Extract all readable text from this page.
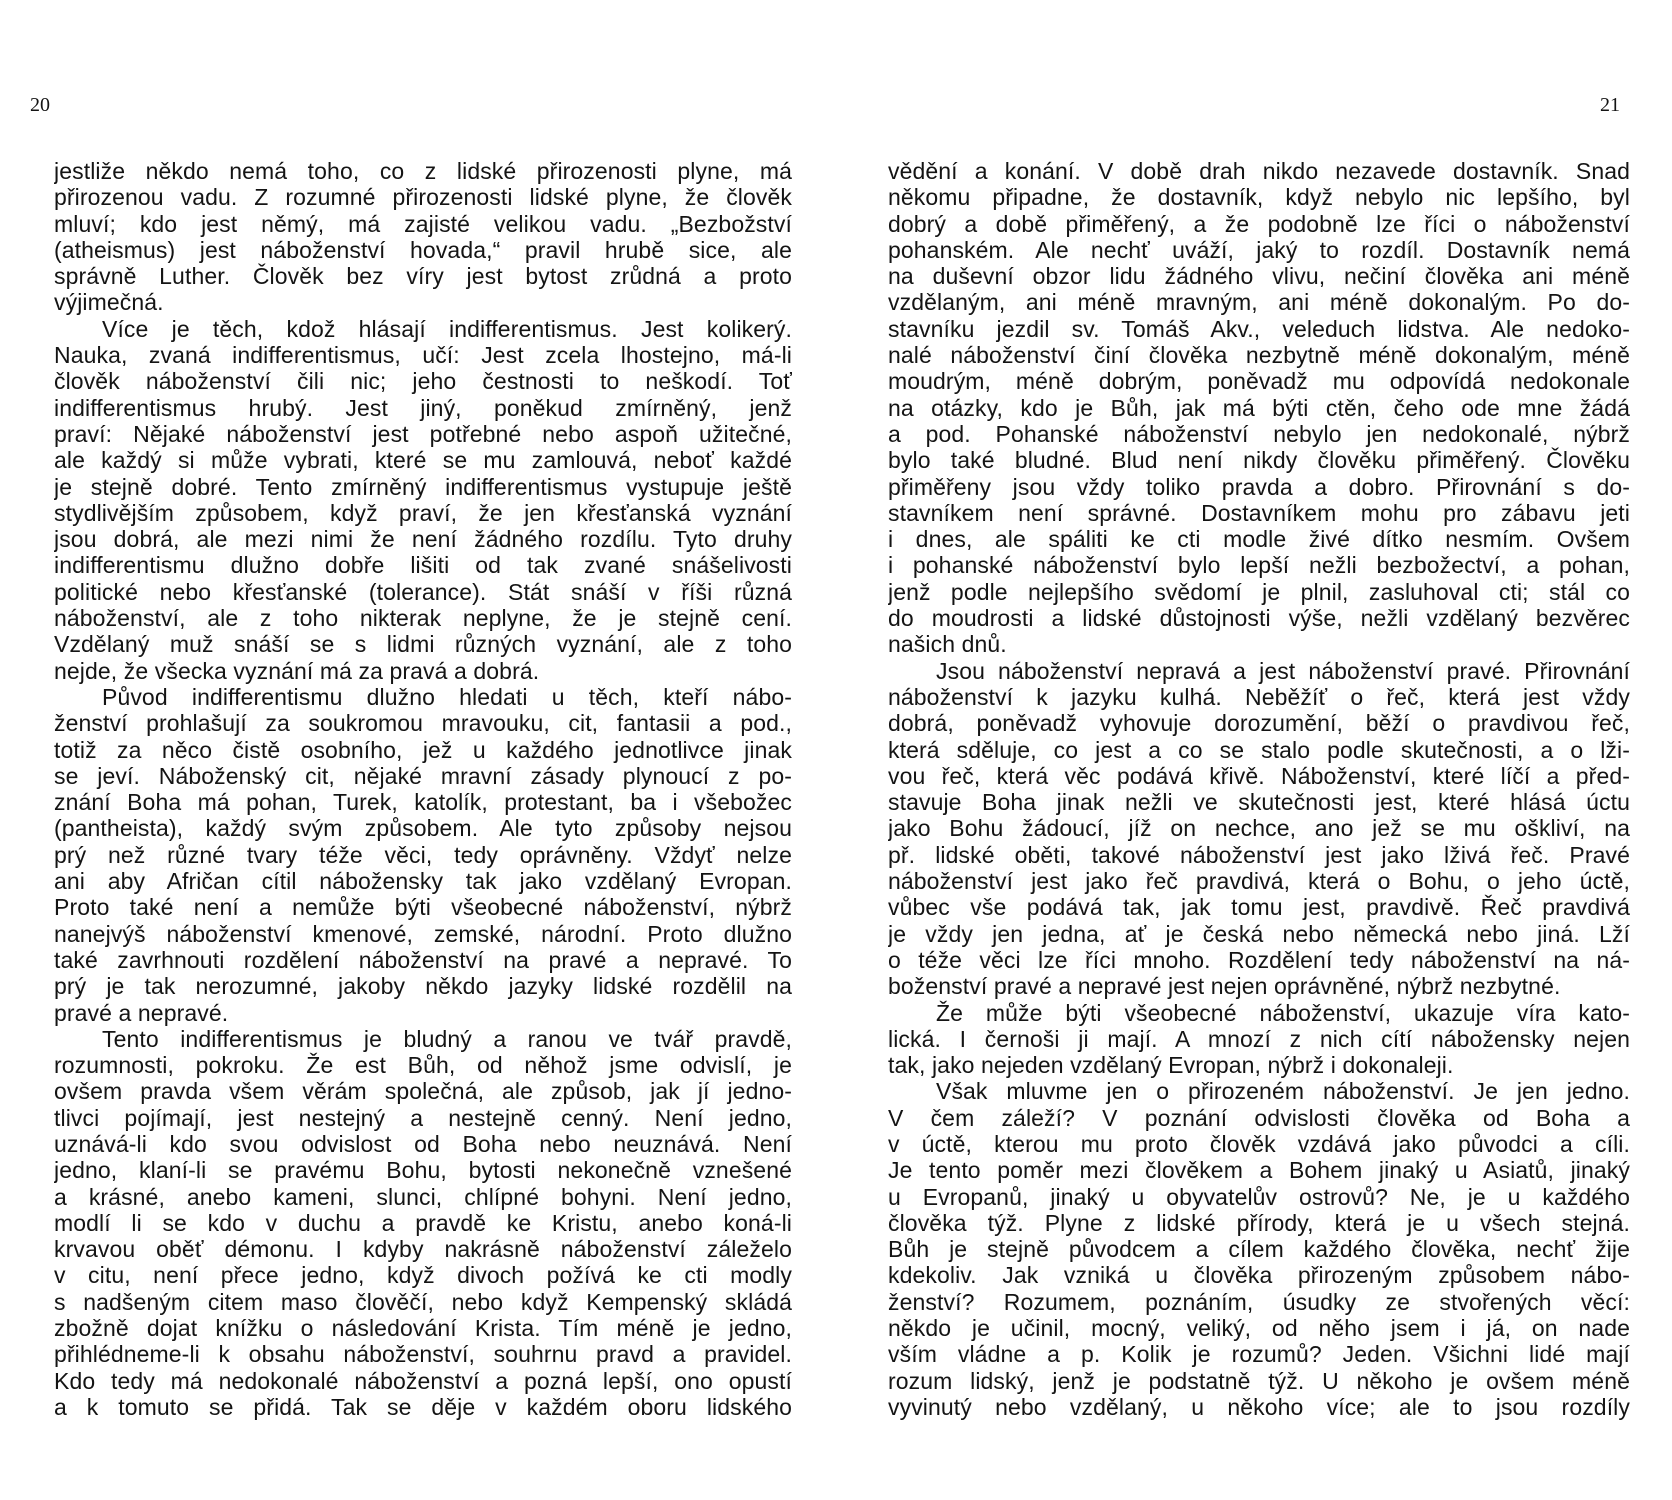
20	21
jestliže někdo nemá toho, co z lidské přirozenosti plyne, má
přirozenou vadu. Z rozumné přirozenosti lidské plyne, že člověk
mluví; kdo jest němý, má zajisté velikou vadu. „Bezbožství
(atheismus) jest náboženství hovada,“ pravil hrubě sice, ale
správně Luther. Člověk bez víry jest bytost zrůdná a proto
výjimečná.
Více je těch, kdož hlásají indifferentismus. Jest kolikerý.
Nauka, zvaná indifferentismus, učí: Jest zcela lhostejno, má-li
člověk náboženství čili nic; jeho čestnosti to neškodí. Toť
indifferentismus hrubý. Jest jiný, poněkud zmírněný, jenž
praví: Nějaké náboženství jest potřebné nebo aspoň užitečné,
ale každý si může vybrati, které se mu zamlouvá, neboť každé
je stejně dobré. Tento zmírněný indifferentismus vystupuje ještě
stydlivějším způsobem, když praví, že jen křesťanská vyznání
jsou dobrá, ale mezi nimi že není žádného rozdílu. Tyto druhy
indifferentismu dlužno dobře lišiti od tak zvané snášelivosti
politické nebo křesťanské (tolerance). Stát snáší v říši různá
náboženství, ale z toho nikterak neplyne, že je stejně cení.
Vzdělaný muž snáší se s lidmi různých vyznání, ale z toho
nejde, že všecka vyznání má za pravá a dobrá.
Původ indifferentismu dlužno hledati u těch, kteří nábo-
ženství prohlašují za soukromou mravouku, cit, fantasii a pod.,
totiž za něco čistě osobního, jež u každého jednotlivce jinak
se jeví. Náboženský cit, nějaké mravní zásady plynoucí z po-
znání Boha má pohan, Turek, katolík, protestant, ba i všebožec
(pantheista), každý svým způsobem. Ale tyto způsoby nejsou
prý než různé tvary téže věci, tedy oprávněny. Vždyť nelze
ani aby Afričan cítil nábožensky tak jako vzdělaný Evropan.
Proto také není a nemůže býti všeobecné náboženství, nýbrž
nanejvýš náboženství kmenové, zemské, národní. Proto dlužno
také zavrhnouti rozdělení náboženství na pravé a nepravé. To
prý je tak nerozumné, jakoby někdo jazyky lidské rozdělil na
pravé a nepravé.
Tento indifferentismus je bludný a ranou ve tvář pravdě,
rozumnosti, pokroku. Že est Bůh, od něhož jsme odvislí, je
ovšem pravda všem věrám společná, ale způsob, jak jí jedno-
tlivci pojímají, jest nestejný a nestejně cenný. Není jedno,
uznává-li kdo svou odvislost od Boha nebo neuznává. Není
jedno, klaní-li se pravému Bohu, bytosti nekonečně vznešené
a krásné, anebo kameni, slunci, chlípné bohyni. Není jedno,
modlí li se kdo v duchu a pravdě ke Kristu, anebo koná-li
krvavou oběť démonu. I kdyby nakrásně náboženství záleželo
v citu, není přece jedno, když divoch požívá ke cti modly
s nadšeným citem maso člověčí, nebo když Kempenský skládá
zbožně dojat knížku o následování Krista. Tím méně je jedno,
přihlédneme-li k obsahu náboženství, souhrnu pravd a pravidel.
Kdo tedy má nedokonalé náboženství a pozná lepší, ono opustí
a k tomuto se přidá. Tak se děje v každém oboru lidského
vědění a konání. V době drah nikdo nezavede dostavník. Snad
někomu připadne, že dostavník, když nebylo nic lepšího, byl
dobrý a době přiměřený, a že podobně lze říci o náboženství
pohanském. Ale nechť uváží, jaký to rozdíl. Dostavník nemá
na duševní obzor lidu žádného vlivu, nečiní člověka ani méně
vzdělaným, ani méně mravným, ani méně dokonalým. Po do-
stavníku jezdil sv. Tomáš Akv., veleduch lidstva. Ale nedoko-
nalé náboženství činí člověka nezbytně méně dokonalým, méně
moudrým, méně dobrým, poněvadž mu odpovídá nedokonale
na otázky, kdo je Bůh, jak má býti ctěn, čeho ode mne žádá
a pod. Pohanské náboženství nebylo jen nedokonalé, nýbrž
bylo také bludné. Blud není nikdy člověku přiměřený. Člověku
přiměřeny jsou vždy toliko pravda a dobro. Přirovnání s do-
stavníkem není správné. Dostavníkem mohu pro zábavu jeti
i dnes, ale spáliti ke cti modle živé dítko nesmím. Ovšem
i pohanské náboženství bylo lepší nežli bezbožectví, a pohan,
jenž podle nejlepšího svědomí je plnil, zasluhoval cti; stál co
do moudrosti a lidské důstojnosti výše, nežli vzdělaný bezvěrec
našich dnů.
Jsou náboženství nepravá a jest náboženství pravé. Přirovnání
náboženství k jazyku kulhá. Neběžíť o řeč, která jest vždy
dobrá, poněvadž vyhovuje dorozumění, běží o pravdivou řeč,
která sděluje, co jest a co se stalo podle skutečnosti, a o lži-
vou řeč, která věc podává křivě. Náboženství, které líčí a před-
stavuje Boha jinak nežli ve skutečnosti jest, které hlásá úctu
jako Bohu žádoucí, jíž on nechce, ano jež se mu oškliví, na
př. lidské oběti, takové náboženství jest jako lživá řeč. Pravé
náboženství jest jako řeč pravdivá, která o Bohu, o jeho úctě,
vůbec vše podává tak, jak tomu jest, pravdivě. Řeč pravdivá
je vždy jen jedna, ať je česká nebo německá nebo jiná. Lží
o téže věci lze říci mnoho. Rozdělení tedy náboženství na ná-
boženství pravé a nepravé jest nejen oprávněné, nýbrž nezbytné.
Že může býti všeobecné náboženství, ukazuje víra kato-
lická. I černoši ji mají. A mnozí z nich cítí nábožensky nejen
tak, jako nejeden vzdělaný Evropan, nýbrž i dokonaleji.
Však mluvme jen o přirozeném náboženství. Je jen jedno.
V čem záleží? V poznání odvislosti člověka od Boha a
v úctě, kterou mu proto člověk vzdává jako původci a cíli.
Je tento poměr mezi člověkem a Bohem jinaký u Asiatů, jinaký
u Evropanů, jinaký u obyvatelův ostrovů? Ne, je u každého
člověka týž. Plyne z lidské přírody, která je u všech stejná.
Bůh je stejně původcem a cílem každého člověka, nechť žije
kdekoliv. Jak vzniká u člověka přirozeným způsobem nábo-
ženství? Rozumem, poznáním, úsudky ze stvořených věcí:
někdo je učinil, mocný, veliký, od něho jsem i já, on nade
vším vládne a p. Kolik je rozumů? Jeden. Všichni lidé mají
rozum lidský, jenž je podstatně týž. U někoho je ovšem méně
vyvinutý nebo vzdělaný, u někoho více; ale to jsou rozdíly
